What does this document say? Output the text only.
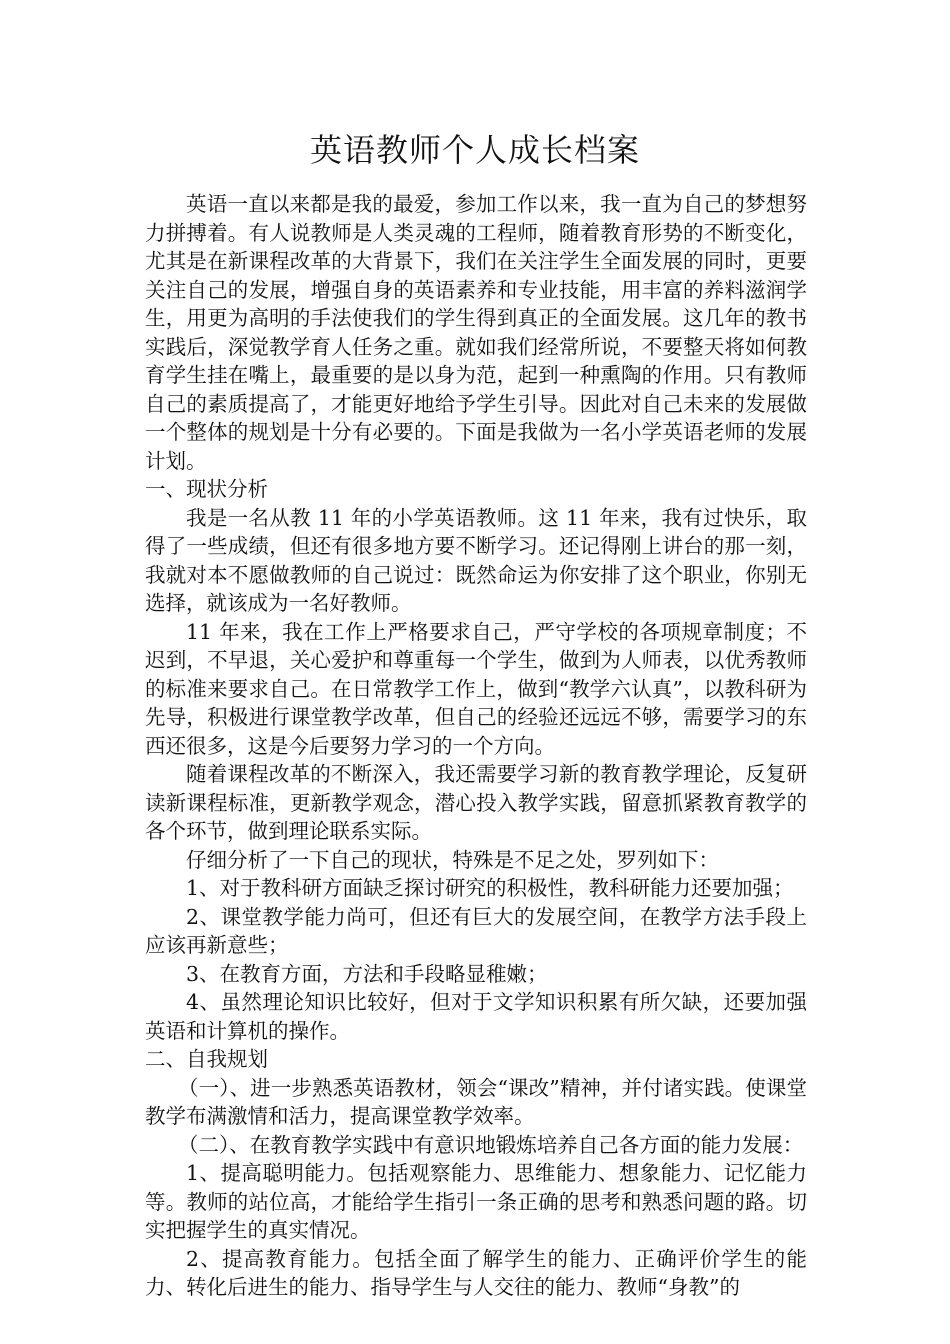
英语教师个人成长档案

英语一直以来都是我的最爱，参加工作以来，我一直为自己的梦想努力拼搏着。有人说教师是人类灵魂的工程师，随着教育形势的不断变化，尤其是在新课程改革的大背景下，我们在关注学生全面发展的同时，更要关注自己的发展，增强自身的英语素养和专业技能，用丰富的养料滋润学生，用更为高明的手法使我们的学生得到真正的全面发展。这几年的教书实践后，深觉教学育人任务之重。就如我们经常所说，不要整天将如何教育学生挂在嘴上，最重要的是以身为范，起到一种熏陶的作用。只有教师自己的素质提高了，才能更好地给予学生引导。因此对自己未来的发展做一个整体的规划是十分有必要的。下面是我做为一名小学英语老师的发展计划。

一、现状分析

我是一名从教 11 年的小学英语教师。这 11 年来，我有过快乐，取得了一些成绩，但还有很多地方要不断学习。还记得刚上讲台的那一刻，我就对本不愿做教师的自己说过：既然命运为你安排了这个职业，你别无选择，就该成为一名好教师。

11 年来，我在工作上严格要求自己，严守学校的各项规章制度；不迟到，不早退，关心爱护和尊重每一个学生，做到为人师表，以优秀教师的标准来要求自己。在日常教学工作上，做到“教学六认真”，以教科研为先导，积极进行课堂教学改革，但自己的经验还远远不够，需要学习的东西还很多，这是今后要努力学习的一个方向。

随着课程改革的不断深入，我还需要学习新的教育教学理论，反复研读新课程标准，更新教学观念，潜心投入教学实践，留意抓紧教育教学的各个环节，做到理论联系实际。

仔细分析了一下自己的现状，特殊是不足之处，罗列如下：

1、对于教科研方面缺乏探讨研究的积极性，教科研能力还要加强；

2、课堂教学能力尚可，但还有巨大的发展空间，在教学方法手段上应该再新意些；

3、在教育方面，方法和手段略显稚嫩；

4、虽然理论知识比较好，但对于文学知识积累有所欠缺，还要加强英语和计算机的操作。

二、自我规划

（一）、进一步熟悉英语教材，领会“课改”精神，并付诸实践。使课堂教学布满激情和活力，提高课堂教学效率。

（二）、在教育教学实践中有意识地锻炼培养自己各方面的能力发展：

1、提高聪明能力。包括观察能力、思维能力、想象能力、记忆能力等。教师的站位高，才能给学生指引一条正确的思考和熟悉问题的路。切实把握学生的真实情况。

2、提高教育能力。包括全面了解学生的能力、正确评价学生的能力、转化后进生的能力、指导学生与人交往的能力、教师“身教”的
